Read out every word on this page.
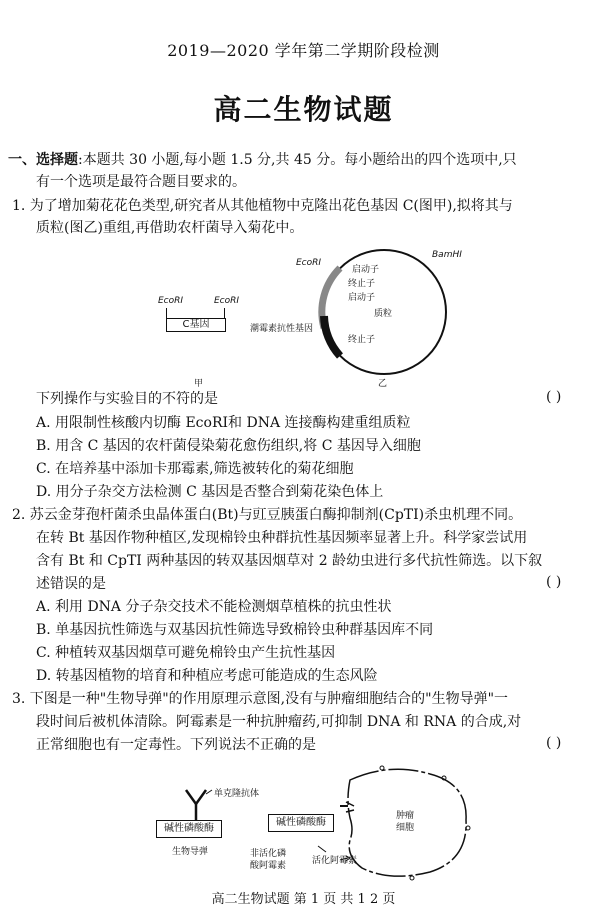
2019—2020 学年第二学期阶段检测
高二生物试题
一、选择题:本题共 30 小题,每小题 1.5 分,共 45 分。每小题给出的四个选项中,只
有一个选项是最符合题目要求的。
1. 为了增加菊花花色类型,研究者从其他植物中克隆出花色基因 C(图甲),拟将其与
质粒(图乙)重组,再借助农杆菌导入菊花中。
EcoRⅠ	EcoRⅠ
C基因
甲
EcoRⅠ
BamHⅠ
启动子
终止子
启动子
潮霉素抗性基因
质粒
终止子
乙
下列操作与实验目的不符的是	( )
A. 用限制性核酸内切酶 EcoRⅠ和 DNA 连接酶构建重组质粒
B. 用含 C 基因的农杆菌侵染菊花愈伤组织,将 C 基因导入细胞
C. 在培养基中添加卡那霉素,筛选被转化的菊花细胞
D. 用分子杂交方法检测 C 基因是否整合到菊花染色体上
2. 苏云金芽孢杆菌杀虫晶体蛋白(Bt)与豇豆胰蛋白酶抑制剂(CpTI)杀虫机理不同。
在转 Bt 基因作物种植区,发现棉铃虫种群抗性基因频率显著上升。科学家尝试用
含有 Bt 和 CpTI 两种基因的转双基因烟草对 2 龄幼虫进行多代抗性筛选。以下叙
述错误的是	( )
A. 利用 DNA 分子杂交技术不能检测烟草植株的抗虫性状
B. 单基因抗性筛选与双基因抗性筛选导致棉铃虫种群基因库不同
C. 种植转双基因烟草可避免棉铃虫产生抗性基因
D. 转基因植物的培育和种植应考虑可能造成的生态风险
3. 下图是一种"生物导弹"的作用原理示意图,没有与肿瘤细胞结合的"生物导弹"一
段时间后被机体清除。阿霉素是一种抗肿瘤药,可抑制 DNA 和 RNA 的合成,对
正常细胞也有一定毒性。下列说法不正确的是	( )
单克隆抗体
碱性磷酸酶
生物导弹
碱性磷酸酶
非活化磷
酸阿霉素	活化阿霉素
肿瘤
细胞
高二生物试题 第 1 页 共 1 2 页
